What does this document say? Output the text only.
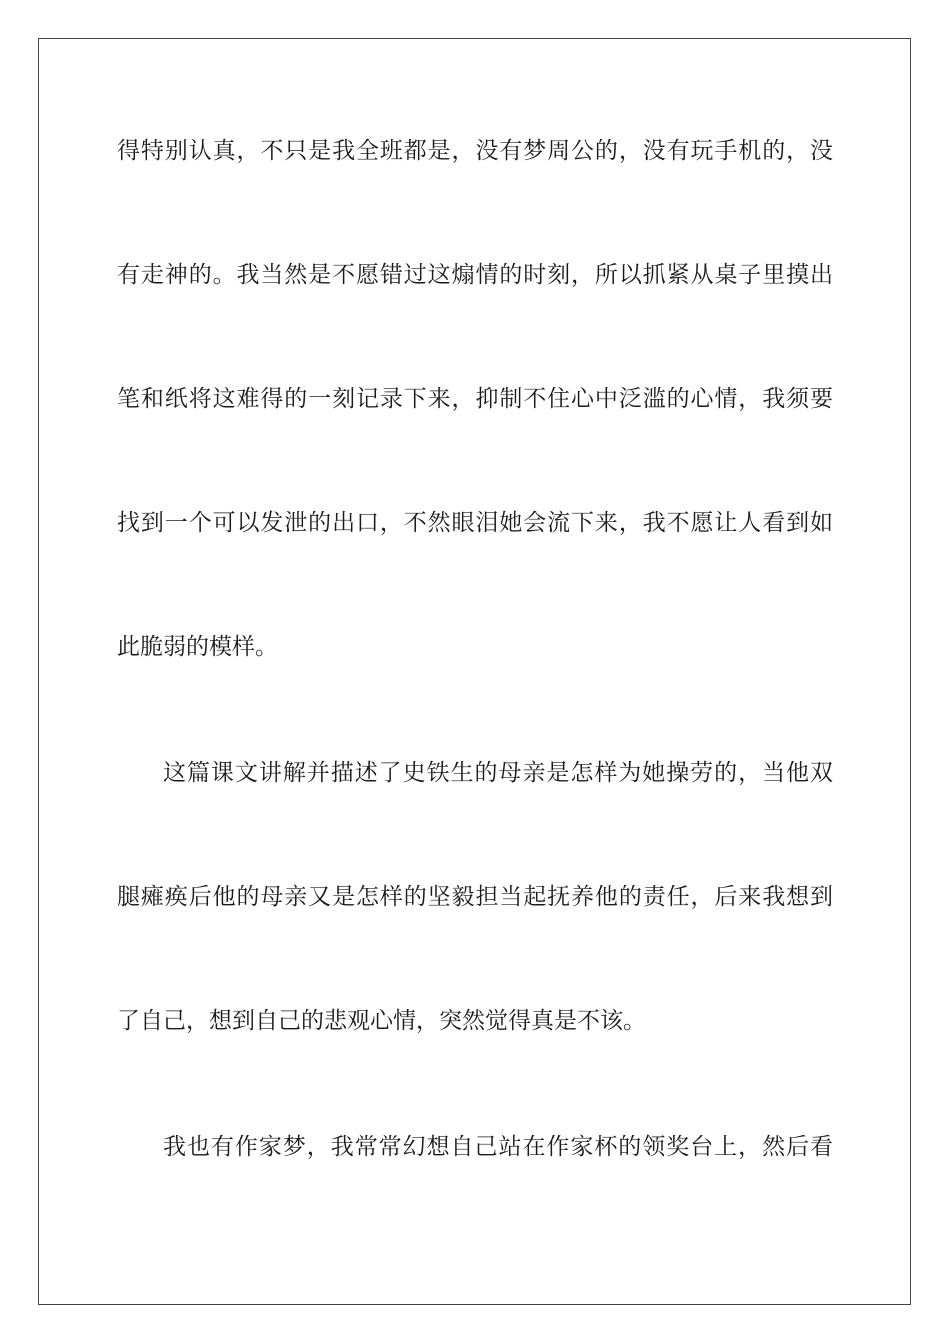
得特别认真，不只是我全班都是，没有梦周公的，没有玩手机的，没
有走神的。我当然是不愿错过这煽情的时刻，所以抓紧从桌子里摸出
笔和纸将这难得的一刻记录下来，抑制不住心中泛滥的心情，我须要
找到一个可以发泄的出口，不然眼泪她会流下来，我不愿让人看到如
此脆弱的模样。
这篇课文讲解并描述了史铁生的母亲是怎样为她操劳的，当他双
腿瘫痪后他的母亲又是怎样的坚毅担当起抚养他的责任，后来我想到
了自己，想到自己的悲观心情，突然觉得真是不该。
我也有作家梦，我常常幻想自己站在作家杯的领奖台上，然后看
